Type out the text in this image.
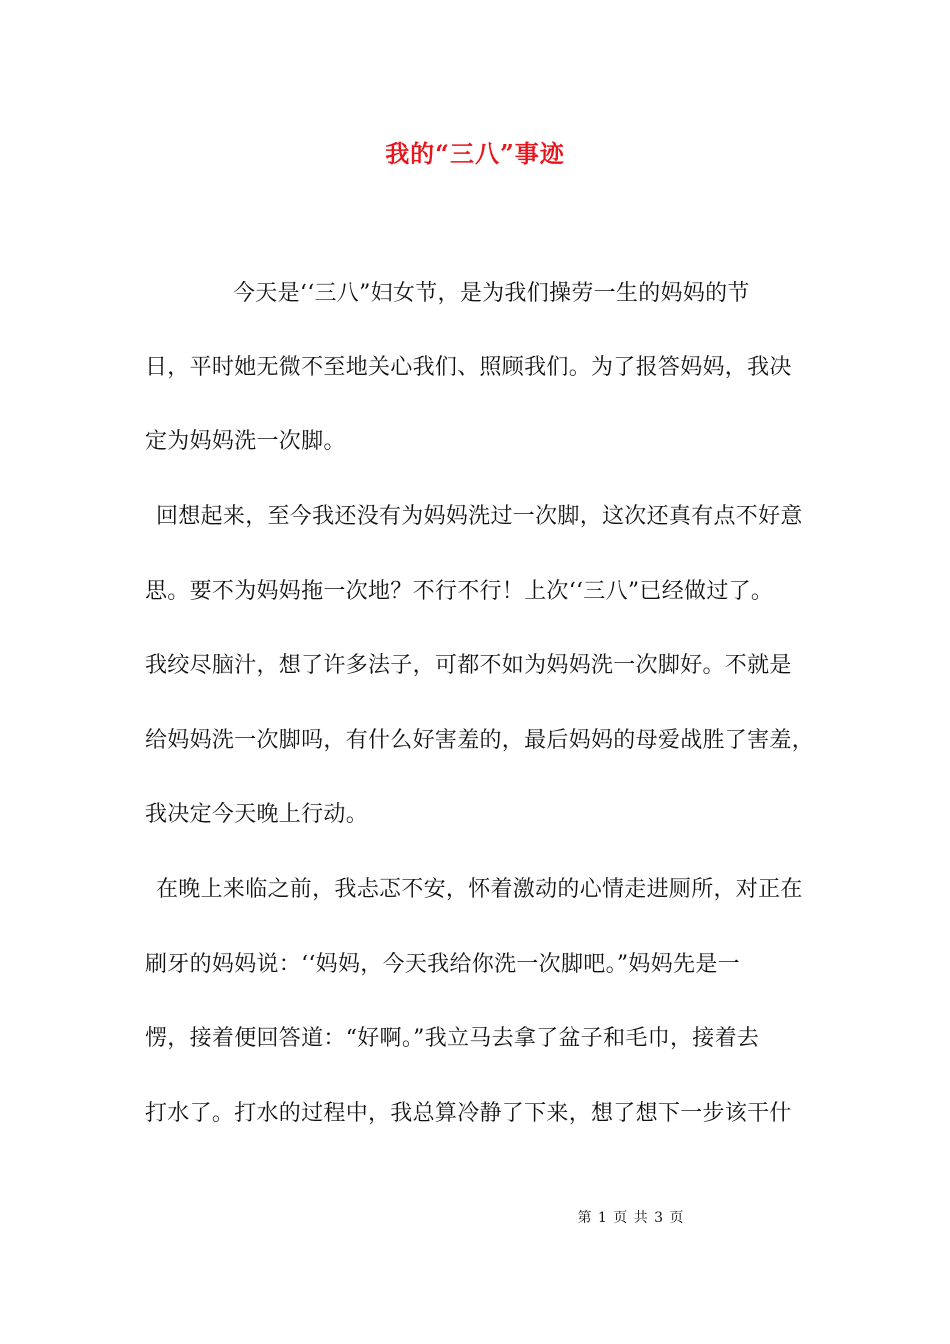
我的“三八”事迹
今天是‘‘三八”妇女节，是为我们操劳一生的妈妈的节
日，平时她无微不至地关心我们、照顾我们。为了报答妈妈，我决
定为妈妈洗一次脚。
回想起来，至今我还没有为妈妈洗过一次脚，这次还真有点不好意
思。要不为妈妈拖一次地？不行不行！上次‘‘三八”已经做过了。
我绞尽脑汁，想了许多法子，可都不如为妈妈洗一次脚好。不就是
给妈妈洗一次脚吗，有什么好害羞的，最后妈妈的母爱战胜了害羞，
我决定今天晚上行动。
在晚上来临之前，我忐忑不安，怀着激动的心情走进厕所，对正在
刷牙的妈妈说：‘‘妈妈，今天我给你洗一次脚吧。”妈妈先是一
愣，接着便回答道：“好啊。”我立马去拿了盆子和毛巾，接着去
打水了。打水的过程中，我总算冷静了下来，想了想下一步该干什
第 1 页 共 3 页
